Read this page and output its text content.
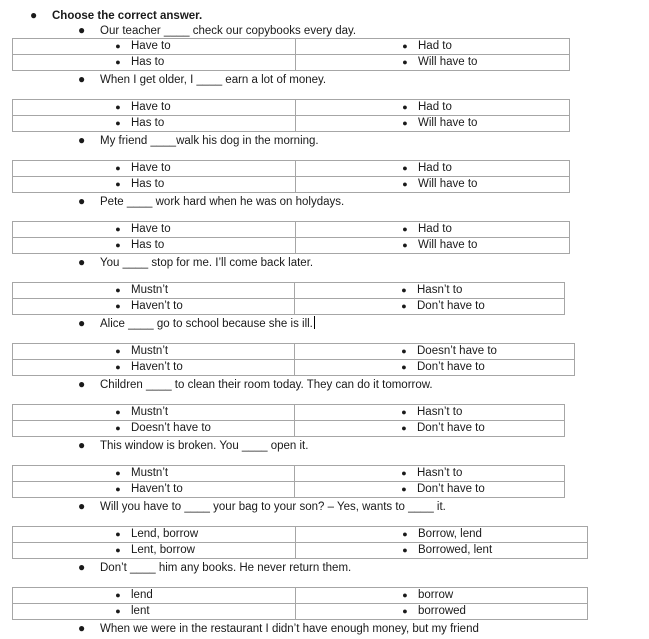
● Choose the correct answer.
● Our teacher ____ check our copybooks every day.
● Have to	● Had to
● Has to	● Will have to
● When I get older, I ____ earn a lot of money.
● Have to	● Had to
● Has to	● Will have to
● My friend ____walk his dog in the morning.
● Have to	● Had to
● Has to	● Will have to
● Pete ____ work hard when he was on holydays.
● Have to	● Had to
● Has to	● Will have to
● You ____ stop for me. I’ll come back later.
● Mustn’t	● Hasn’t to
● Haven’t to	● Don’t have to
● Alice ____ go to school because she is ill.
● Mustn’t	● Doesn’t have to
● Haven’t to	● Don’t have to
● Children ____ to clean their room today. They can do it tomorrow.
● Mustn’t	● Hasn’t to
● Doesn’t have to	● Don’t have to
● This window is broken. You ____ open it.
● Mustn’t	● Hasn’t to
● Haven’t to	● Don’t have to
● Will you have to ____ your bag to your son? – Yes, wants to ____ it.
● Lend, borrow	● Borrow, lend
● Lent, borrow	● Borrowed, lent
● Don’t ____ him any books. He never return them.
● lend	● borrow
● lent	● borrowed
● When we were in the restaurant I didn’t have enough money, but my friend
